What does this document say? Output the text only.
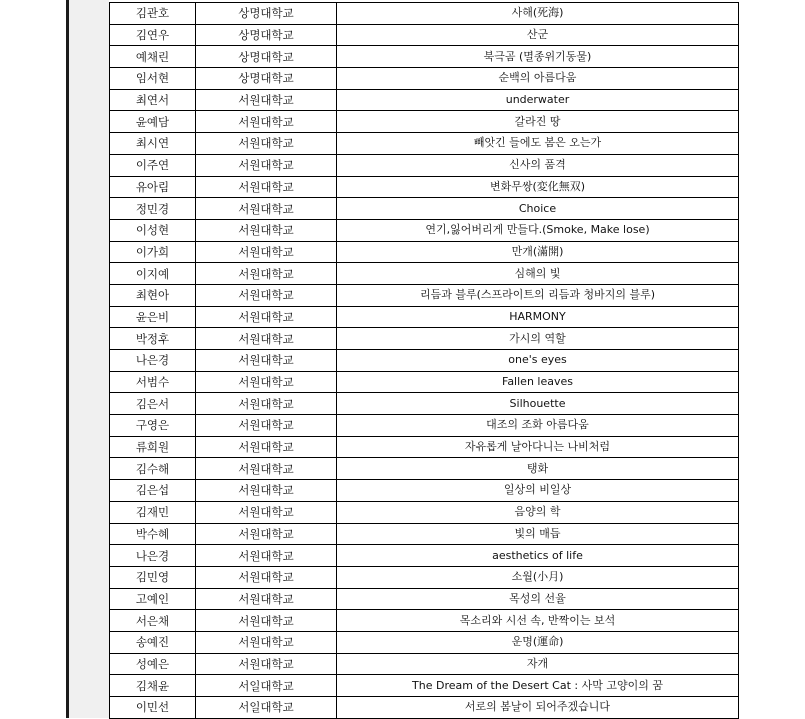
김관호	상명대학교	사해(死海)
김연우	상명대학교	산군
예채린	상명대학교	북극곰 (멸종위기동물)
임서현	상명대학교	순백의 아름다움
최연서	서원대학교	underwater
윤예담	서원대학교	갈라진 땅
최시연	서원대학교	빼앗긴 들에도 봄은 오는가
이주연	서원대학교	신사의 품격
유아림	서원대학교	변화무쌍(変化無双)
정민경	서원대학교	Choice
이성현	서원대학교	연기,잃어버리게 만들다.(Smoke, Make lose)
이가희	서원대학교	만개(滿開)
이지예	서원대학교	심해의 빛
최현아	서원대학교	리듬과 블루(스프라이트의 리듬과 청바지의 블루)
윤은비	서원대학교	HARMONY
박정후	서원대학교	가시의 역할
나은경	서원대학교	one's eyes
서범수	서원대학교	Fallen leaves
김은서	서원대학교	Silhouette
구영은	서원대학교	대조의 조화 아름다움
류희원	서원대학교	자유롭게 날아다니는 나비처럼
김수해	서원대학교	탱화
김은섭	서원대학교	일상의 비일상
김재민	서원대학교	음양의 학
박수혜	서원대학교	빛의 매듭
나은경	서원대학교	aesthetics of life
김민영	서원대학교	소월(小月)
고예인	서원대학교	목성의 선율
서은채	서원대학교	목소리와 시선 속, 반짝이는 보석
송예진	서원대학교	운명(運命)
성예은	서원대학교	자개
김채윤	서일대학교	The Dream of the Desert Cat : 사막 고양이의 꿈
이민선	서일대학교	서로의 봄날이 되어주겠습니다
